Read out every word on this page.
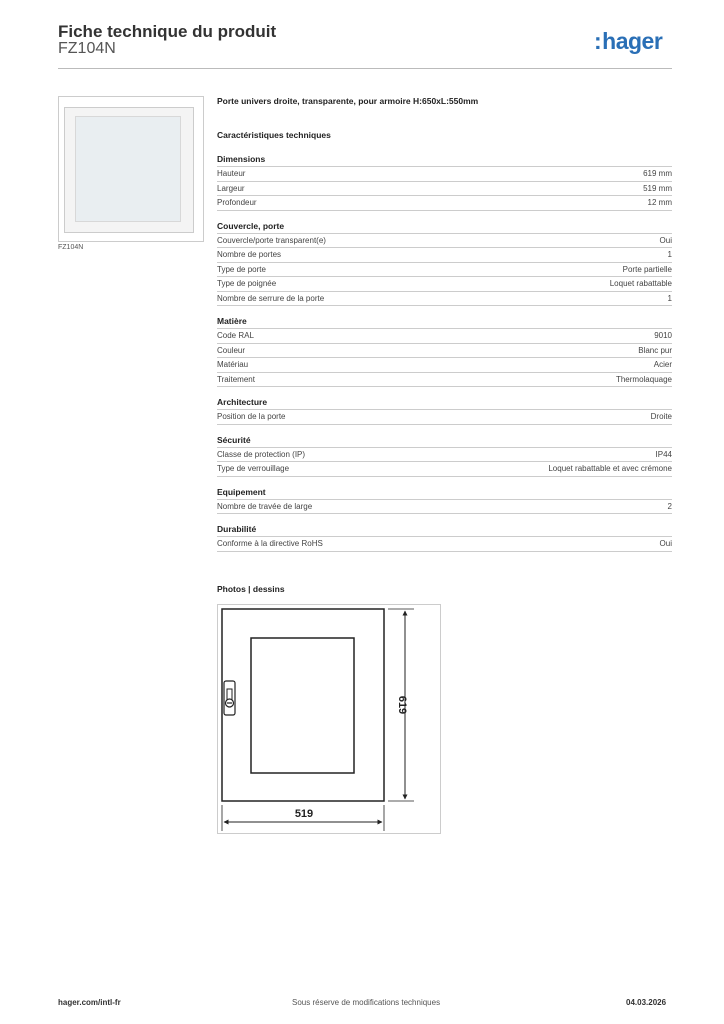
Fiche technique du produit
FZ104N	:hager
FZ104N
Porte univers droite, transparente, pour armoire H:650xL:550mm
Caractéristiques techniques
Dimensions
Hauteur	619 mm
Largeur	519 mm
Profondeur	12 mm
Couvercle, porte
Couvercle/porte transparent(e)	Oui
Nombre de portes	1
Type de porte	Porte partielle
Type de poignée	Loquet rabattable
Nombre de serrure de la porte	1
Matière
Code RAL	9010
Couleur	Blanc pur
Matériau	Acier
Traitement	Thermolaquage
Architecture
Position de la porte	Droite
Sécurité
Classe de protection (IP)	IP44
Type de verrouillage	Loquet rabattable et avec crémone
Equipement
Nombre de travée de large	2
Durabilité
Conforme à la directive RoHS	Oui
Photos | dessins
519
619
hager.com/intl-fr	Sous réserve de modifications techniques	04.03.2026
